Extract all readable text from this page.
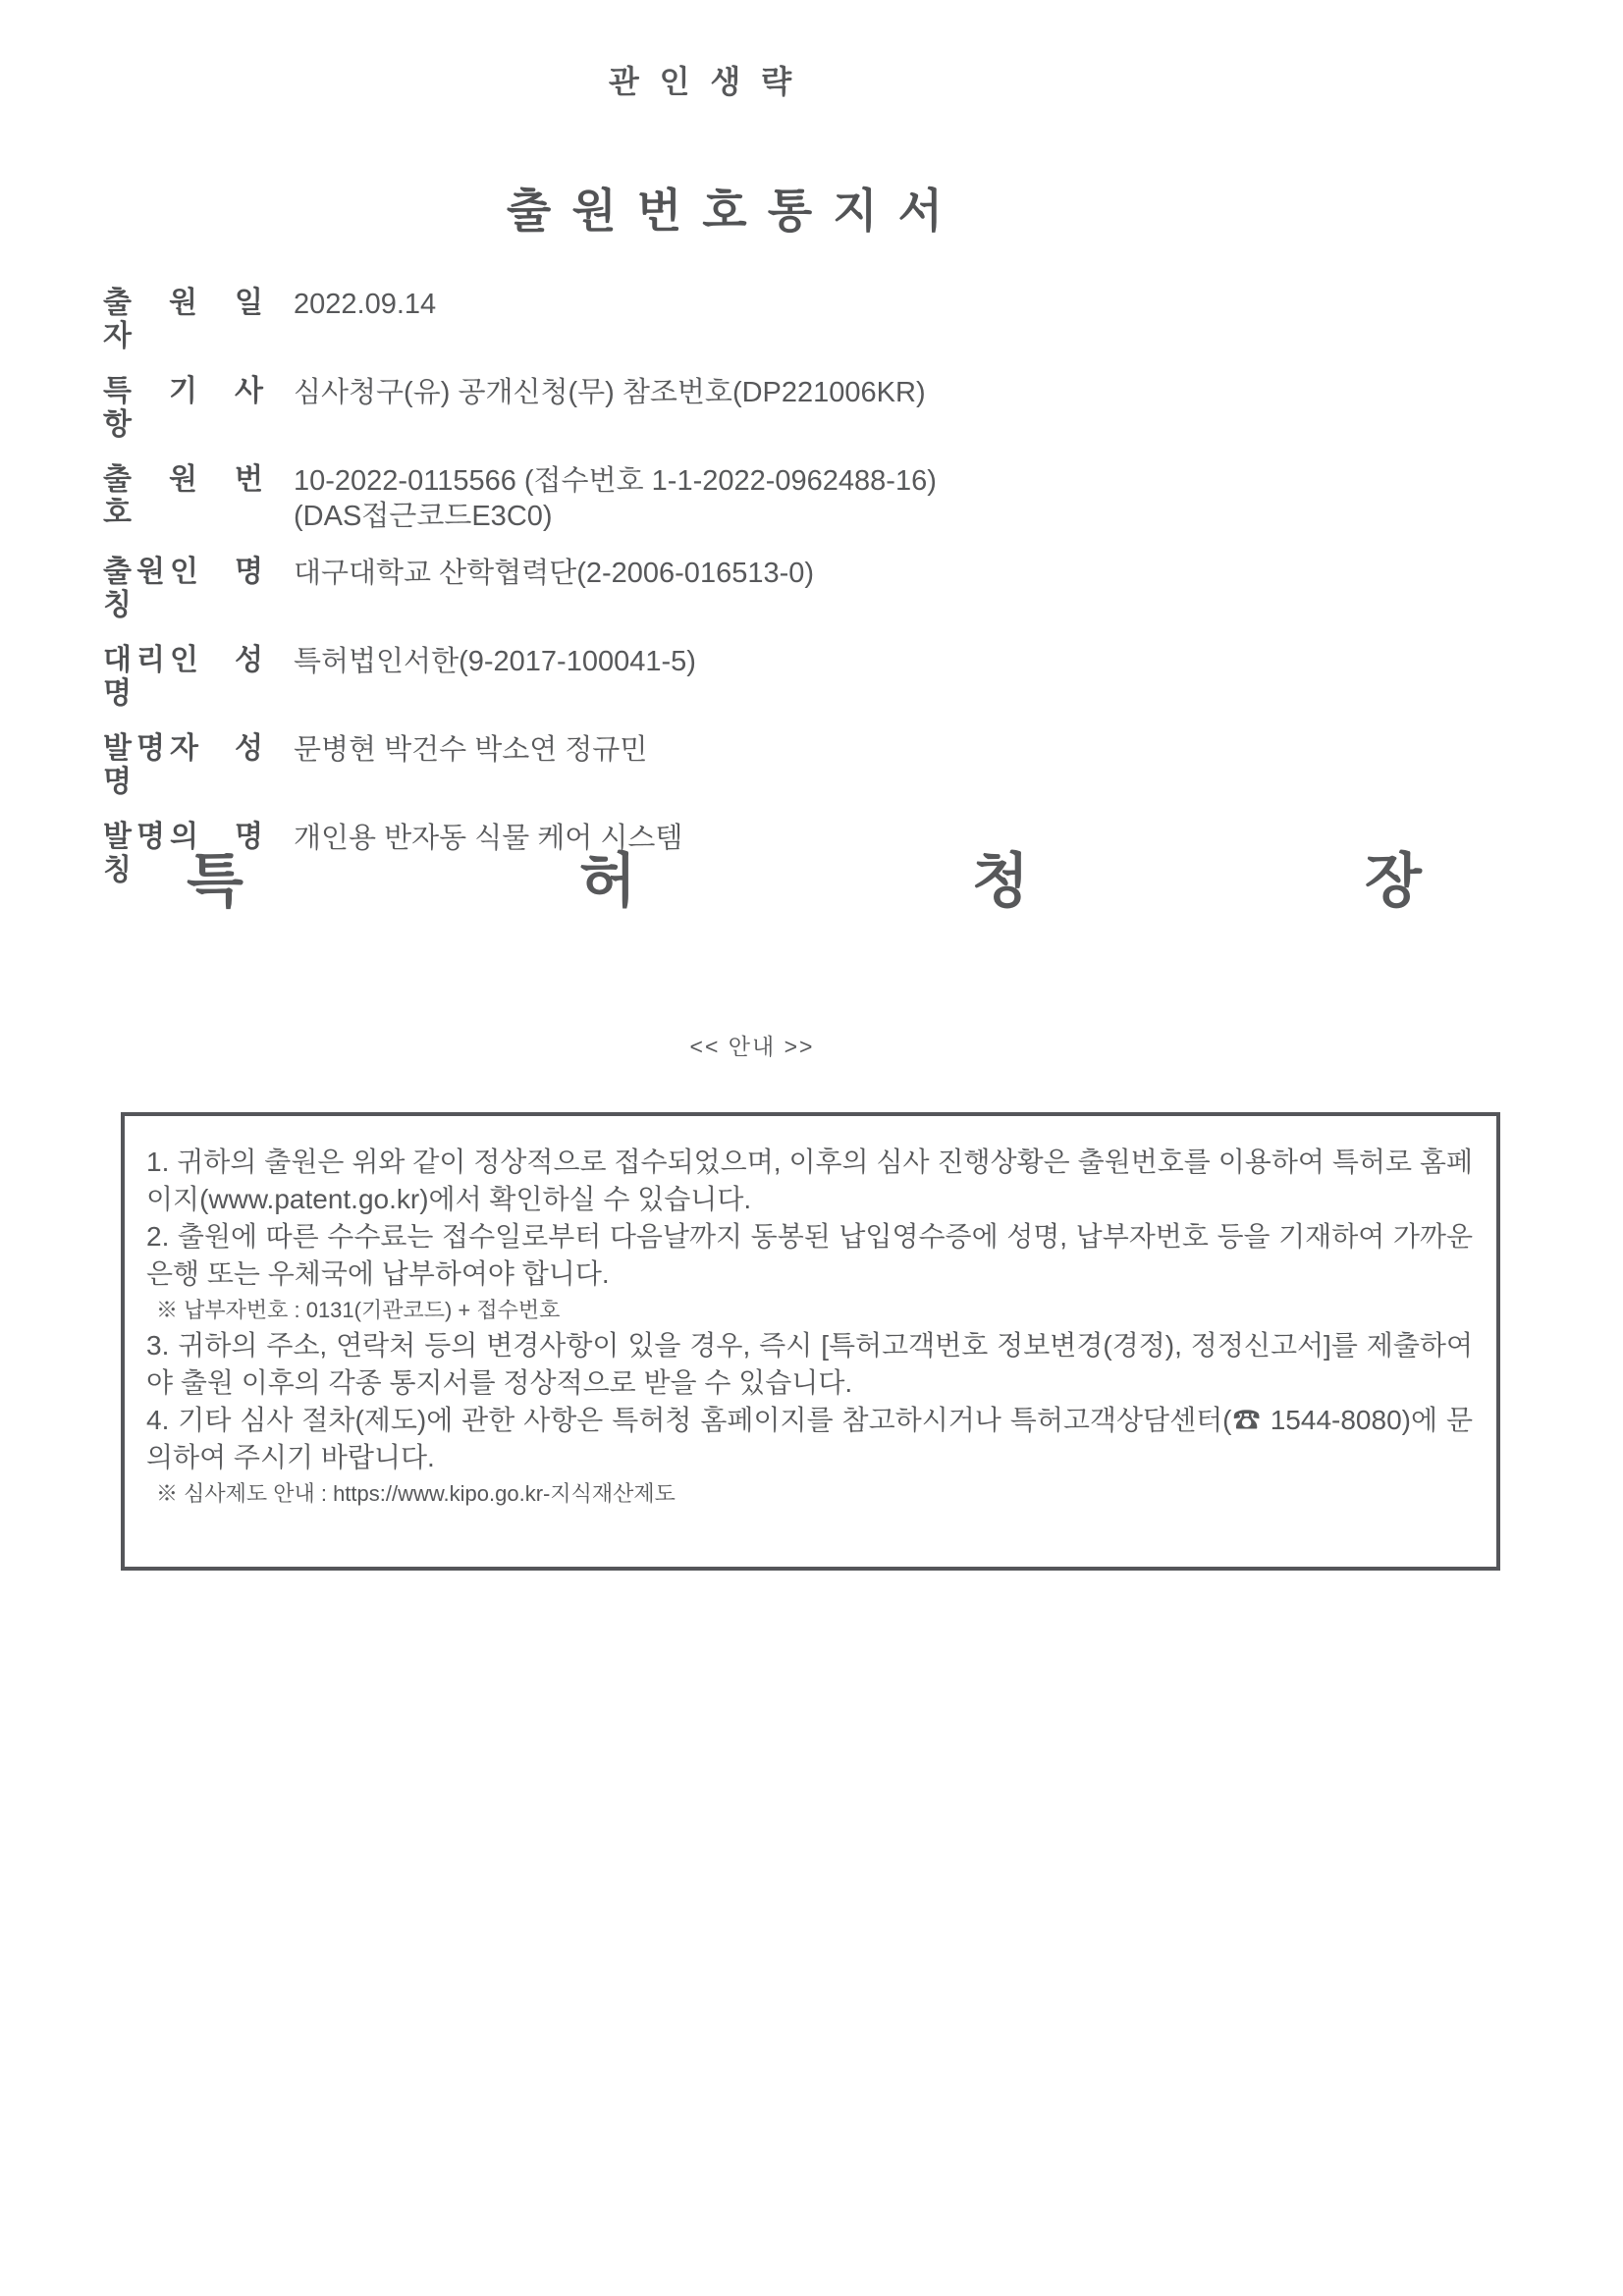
관 인 생 략
출 원 번 호 통 지 서
출 원 일 자
2022.09.14
특 기 사 항
심사청구(유) 공개신청(무) 참조번호(DP221006KR)
출 원 번 호
10-2022-0115566 (접수번호 1-1-2022-0962488-16)
(DAS접근코드E3C0)
출원인 명칭
대구대학교 산학협력단(2-2006-016513-0)
대리인 성명
특허법인서한(9-2017-100041-5)
발명자 성명
문병현 박건수 박소연 정규민
발명의 명칭
개인용 반자동 식물 케어 시스템
특 허 청 장
<< 안내 >>

1. 귀하의 출원은 위와 같이 정상적으로 접수되었으며, 이후의 심사 진행상황은 출원번호를 이용하여 특허로 홈페이지(www.patent.go.kr)에서 확인하실 수 있습니다.

2. 출원에 따른 수수료는 접수일로부터 다음날까지 동봉된 납입영수증에 성명, 납부자번호 등을 기재하여 가까운 은행 또는 우체국에 납부하여야 합니다.

※ 납부자번호 : 0131(기관코드) + 접수번호

3. 귀하의 주소, 연락처 등의 변경사항이 있을 경우, 즉시 [특허고객번호 정보변경(경정), 정정신고서]를 제출하여야 출원 이후의 각종 통지서를 정상적으로 받을 수 있습니다.

4. 기타 심사 절차(제도)에 관한 사항은 특허청 홈페이지를 참고하시거나 특허고객상담센터(☎ 1544-8080)에 문의하여 주시기 바랍니다.

※ 심사제도 안내 : https://www.kipo.go.kr-지식재산제도
